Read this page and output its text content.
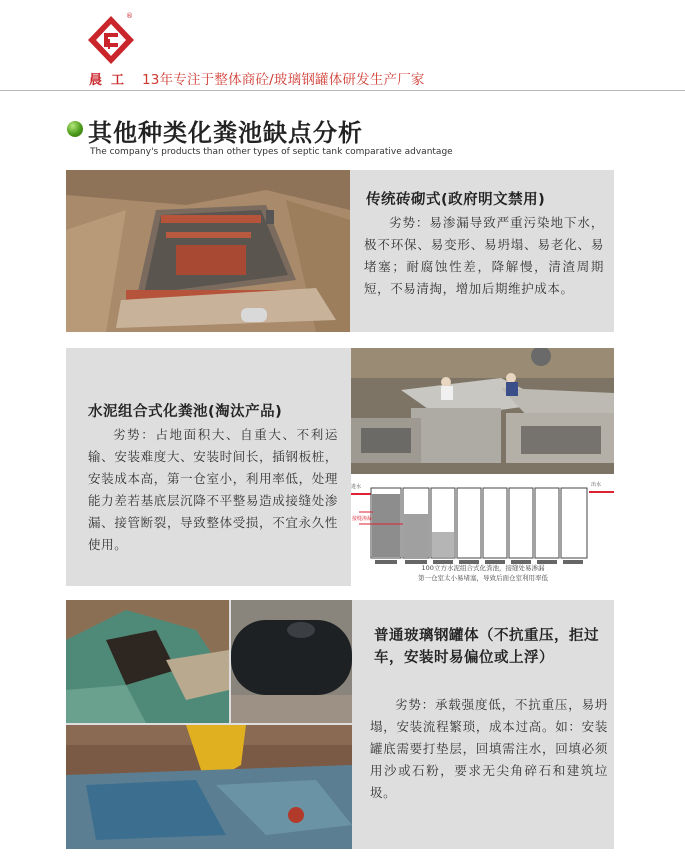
®
晨工 13年专注于整体商砼/玻璃钢罐体研发生产厂家
其他种类化粪池缺点分析
The company's products than other types of septic tank comparative advantage
传统砖砌式(政府明文禁用)
劣势：易渗漏导致严重污染地下水，极不环保、易变形、易坍塌、易老化、易堵塞；耐腐蚀性差，降解慢，清渣周期短，不易清掏，增加后期维护成本。
水泥组合式化粪池(淘汰产品)
劣势：占地面积大、自重大、不利运输、安装难度大、安装时间长，插钢板桩，安装成本高，第一仓室小，利用率低，处理能力差若基底层沉降不平整易造成接缝处渗漏、接管断裂，导致整体受损，不宜永久性使用。
进水	出水
接缝渗漏
100立方水泥组合式化粪池，接缝处易渗漏
第一仓室太小易堵塞，导致后面仓室利用率低
普通玻璃钢罐体（不抗重压，拒过车，安装时易偏位或上浮）
劣势：承载强度低，不抗重压，易坍塌，安装流程繁琐，成本过高。如：安装罐底需要打垫层，回填需注水，回填必须用沙或石粉，要求无尖角碎石和建筑垃圾。
